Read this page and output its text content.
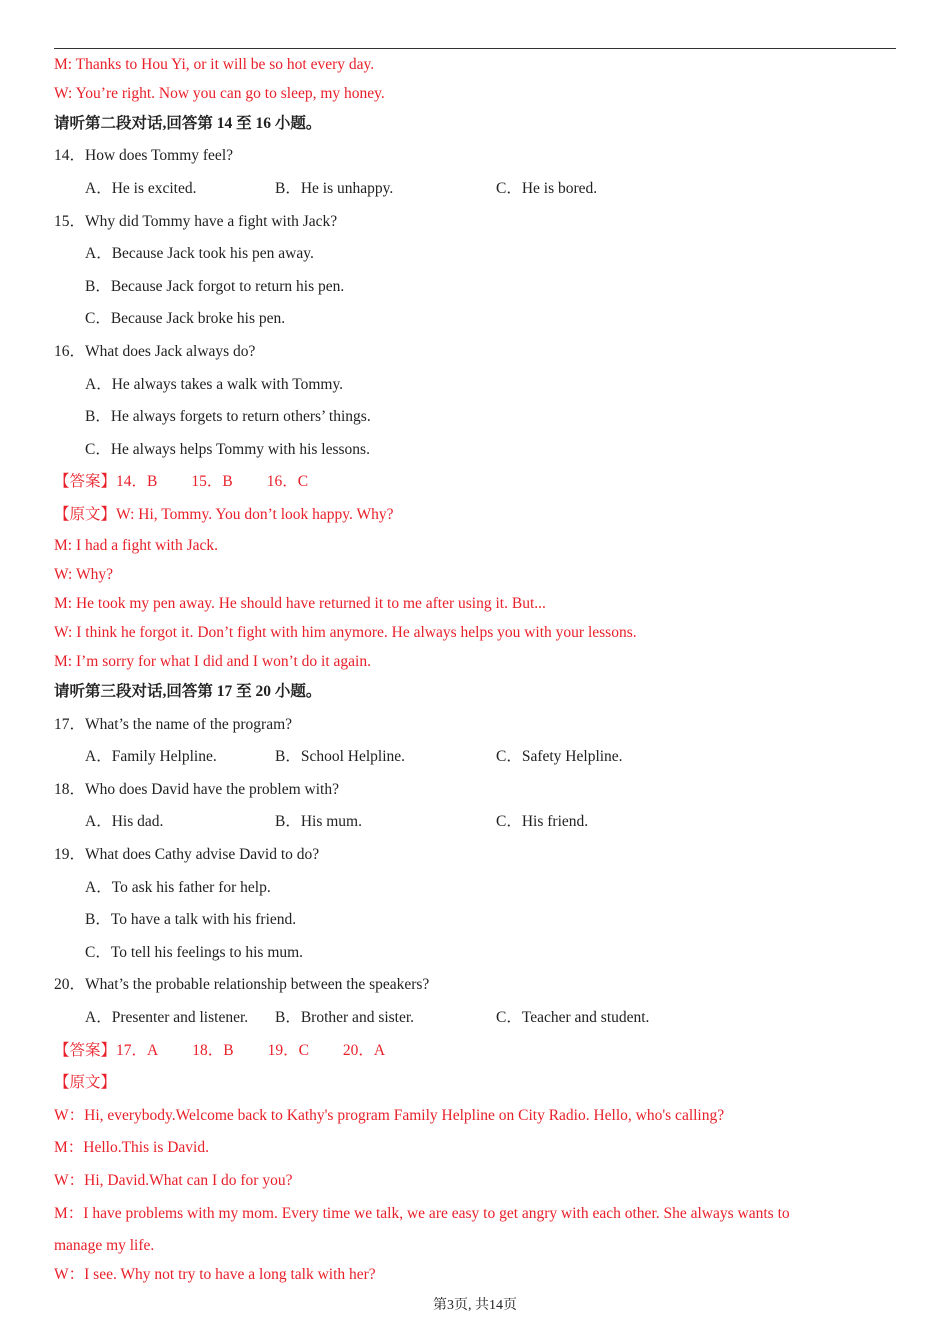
M: Thanks to Hou Yi, or it will be so hot every day.
W: You’re right. Now you can go to sleep, my honey.
请听第二段对话,回答第 14 至 16 小题。
14．How does Tommy feel?
A．He is excited.	B．He is unhappy.	C．He is bored.
15．Why did Tommy have a fight with Jack?
A．Because Jack took his pen away.
B．Because Jack forgot to return his pen.
C．Because Jack broke his pen.
16．What does Jack always do?
A．He always takes a walk with Tommy.
B．He always forgets to return others’ things.
C．He always helps Tommy with his lessons.
【答案】14．B 15．B 16．C
【原文】W: Hi, Tommy. You don’t look happy. Why?
M: I had a fight with Jack.
W: Why?
M: He took my pen away. He should have returned it to me after using it. But...
W: I think he forgot it. Don’t fight with him anymore. He always helps you with your lessons.
M: I’m sorry for what I did and I won’t do it again.
请听第三段对话,回答第 17 至 20 小题。
17．What’s the name of the program?
A．Family Helpline.	B．School Helpline.	C．Safety Helpline.
18．Who does David have the problem with?
A．His dad.	B．His mum.	C．His friend.
19．What does Cathy advise David to do?
A．To ask his father for help.
B．To have a talk with his friend.
C．To tell his feelings to his mum.
20．What’s the probable relationship between the speakers?
A．Presenter and listener. B．Brother and sister.	C．Teacher and student.
【答案】17．A 18．B 19．C 20．A
【原文】
W：Hi, everybody.Welcome back to Kathy's program Family Helpline on City Radio. Hello, who's calling?
M：Hello.This is David.
W：Hi, David.What can I do for you?
M：I have problems with my mom. Every time we talk, we are easy to get angry with each other. She always wants to
manage my life.
W：I see. Why not try to have a long talk with her?
第3页, 共14页
